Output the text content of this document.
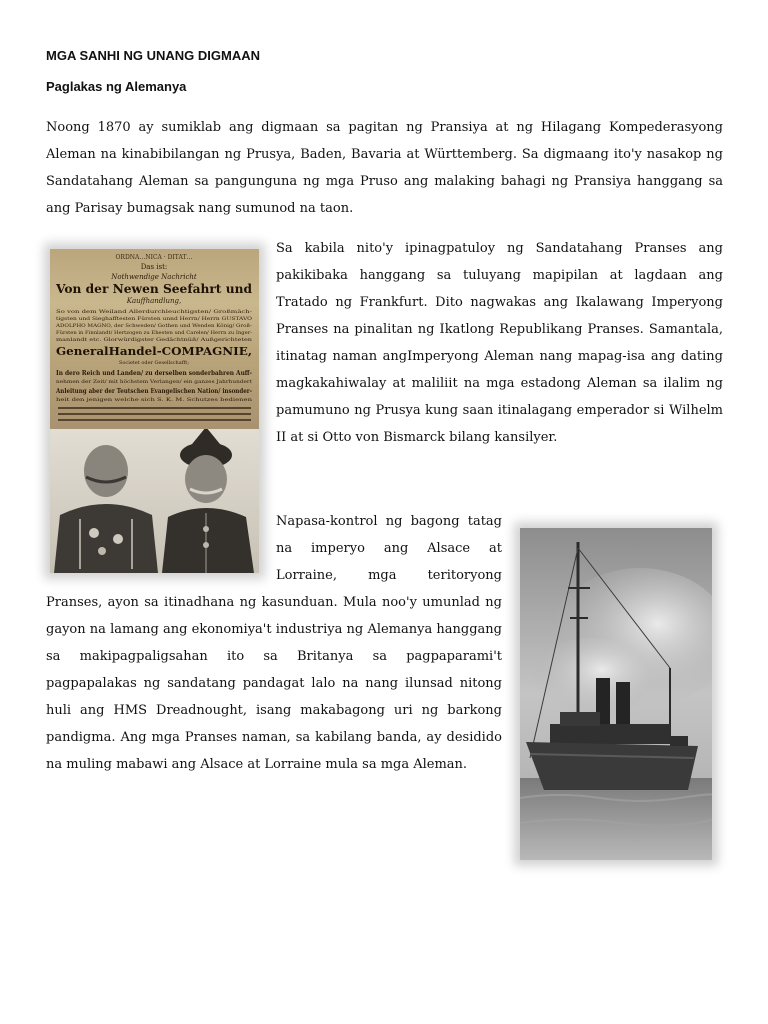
MGA SANHI NG UNANG DIGMAAN
Paglakas ng Alemanya

Noong 1870 ay sumiklab ang digmaan sa pagitan ng Pransiya at ng Hilagang Kompederasyong Aleman na kinabibilangan ng Prusya, Baden, Bavaria at Württemberg. Sa digmaang ito'y nasakop ng Sandatahang Aleman sa pangunguna ng mga Pruso ang malaking bahagi ng Pransiya hanggang sa ang Parisay bumagsak nang sumunod na taon.

ORDNA…NICA · DITAT…
Das ist:
Nothwendige Nachricht
Von der Newen Seefahrt und
Kauffhandlung,
So von dem Weiland Allerdurchleuchtigsten/ Großmäch-
tigsten und Sieghafftesten Fürsten unnd Herrn/ Herrn GUSTAVO
ADOLPHO MAGNO, der Schweden/ Gothen und Wenden König/ Groß-
Fürsten in Finnlandt/ Hertzogen zu Ehesten und Carelen/ Herrn zu Inger-
manlandt etc. Glorwürdigster Gedächtnüß/ Außgerichteten
GeneralHandel-COMPAGNIE,
Societet oder Gesellschafft;
In dero Reich und Landen/ zu derselben sonderbahren Auff-
nehmen der Zeit/ mit höchstem Verlangen/ ein ganzes Jahrhundert
Anleitung aber der Teutschen Evangelischen Nation/ insonder-
heit den jenigen welche sich S. K. M. Schutzes bedienen

Sa kabila nito'y ipinagpatuloy ng Sandatahang Pranses ang pakikibaka hanggang sa tuluyang mapipilan at lagdaan ang Tratado ng Frankfurt. Dito nagwakas ang Ikalawang Imperyong Pranses na pinalitan ng Ikatlong Republikang Pranses. Samantala, itinatag naman angImperyong Aleman nang mapag-isa ang dating magkakahiwalay at maliliit na mga estadong Aleman sa ilalim ng pamumuno ng Prusya kung saan itinalagang emperador si Wilhelm II at si Otto von Bismarck bilang kansilyer.

Napasa-kontrol ng bagong tatag na imperyo ang Alsace at Lorraine, mga teritoryong Pranses, ayon sa itinadhana ng kasunduan. Mula noo'y umunlad ng gayon na lamang ang ekonomiya't industriya ng Alemanya hanggang sa makipagpaligsahan ito sa Britanya sa pagpaparami't pagpapalakas ng sandatang pandagat lalo na nang ilunsad nitong huli ang HMS Dreadnought, isang makabagong uri ng barkong pandigma. Ang mga Pranses naman, sa kabilang banda, ay desidido na muling mabawi ang Alsace at Lorraine mula sa mga Aleman.
